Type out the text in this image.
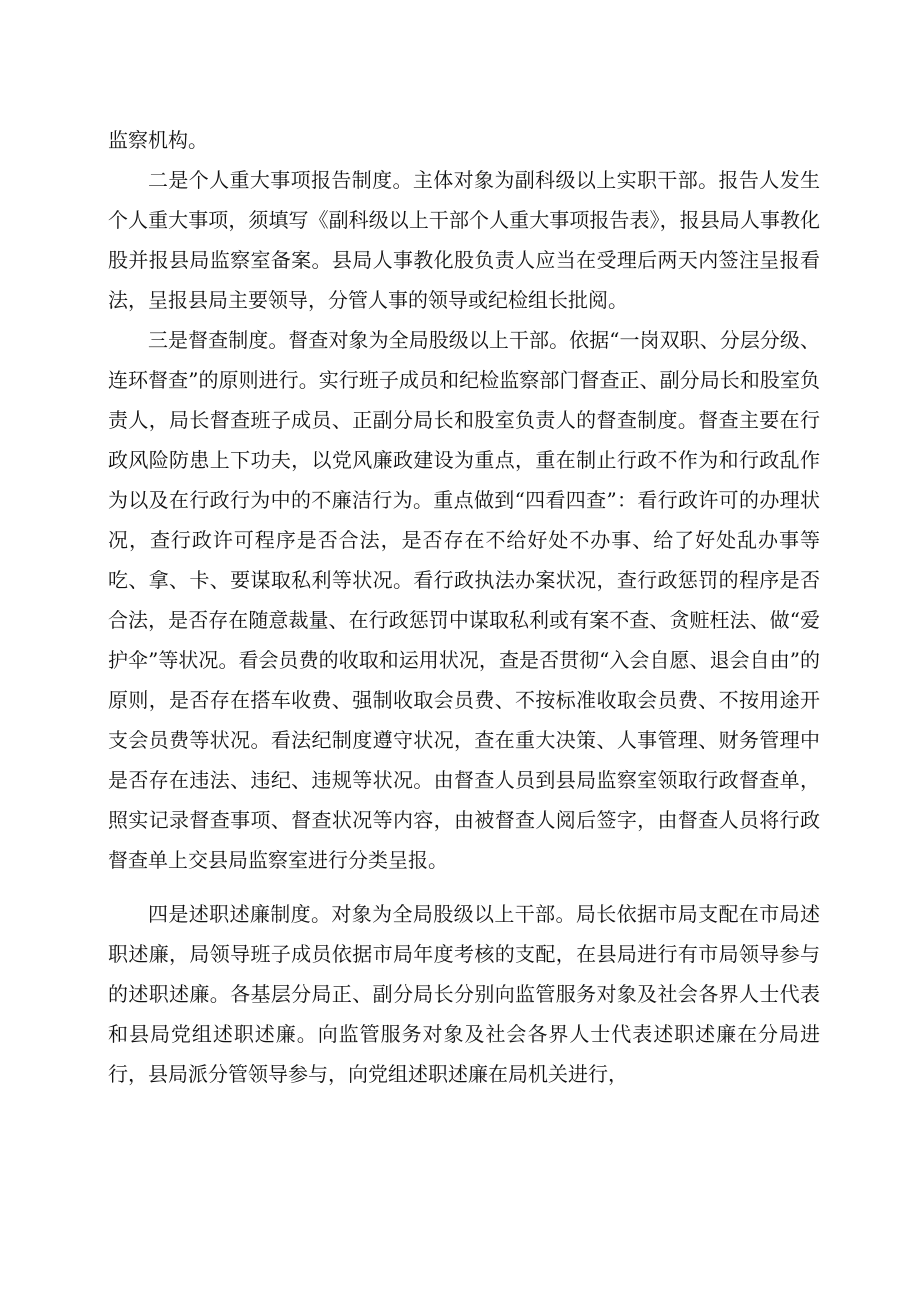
监察机构。

二是个人重大事项报告制度。主体对象为副科级以上实职干部。报告人发生个人重大事项，须填写《副科级以上干部个人重大事项报告表》，报县局人事教化股并报县局监察室备案。县局人事教化股负责人应当在受理后两天内签注呈报看法，呈报县局主要领导，分管人事的领导或纪检组长批阅。

三是督查制度。督查对象为全局股级以上干部。依据“一岗双职、分层分级、连环督查”的原则进行。实行班子成员和纪检监察部门督查正、副分局长和股室负责人，局长督查班子成员、正副分局长和股室负责人的督查制度。督查主要在行政风险防患上下功夫，以党风廉政建设为重点，重在制止行政不作为和行政乱作为以及在行政行为中的不廉洁行为。重点做到“四看四查”：看行政许可的办理状况，查行政许可程序是否合法，是否存在不给好处不办事、给了好处乱办事等吃、拿、卡、要谋取私利等状况。看行政执法办案状况，查行政惩罚的程序是否合法，是否存在随意裁量、在行政惩罚中谋取私利或有案不查、贪赃枉法、做“爱护伞”等状况。看会员费的收取和运用状况，查是否贯彻“入会自愿、退会自由”的原则，是否存在搭车收费、强制收取会员费、不按标准收取会员费、不按用途开支会员费等状况。看法纪制度遵守状况，查在重大决策、人事管理、财务管理中是否存在违法、违纪、违规等状况。由督查人员到县局监察室领取行政督查单，照实记录督查事项、督查状况等内容，由被督查人阅后签字，由督查人员将行政督查单上交县局监察室进行分类呈报。

四是述职述廉制度。对象为全局股级以上干部。局长依据市局支配在市局述职述廉，局领导班子成员依据市局年度考核的支配，在县局进行有市局领导参与的述职述廉。各基层分局正、副分局长分别向监管服务对象及社会各界人士代表和县局党组述职述廉。向监管服务对象及社会各界人士代表述职述廉在分局进行，县局派分管领导参与，向党组述职述廉在局机关进行，
